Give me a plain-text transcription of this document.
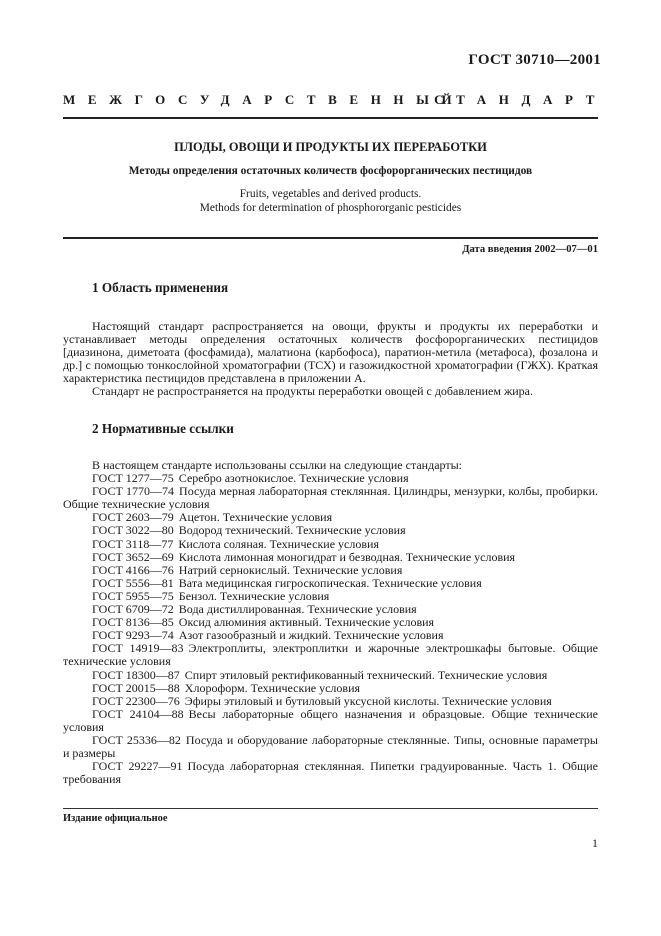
ГОСТ 30710—2001
МЕЖГОСУДАРСТВЕННЫЙ
СТАНДАРТ
ПЛОДЫ, ОВОЩИ И ПРОДУКТЫ ИХ ПЕРЕРАБОТКИ
Методы определения остаточных количеств фосфорорганических пестицидов
Fruits, vegetables and derived products.
Methods for determination of phosphororganic pesticides
Дата введения 2002—07—01
1 Область применения

Настоящий стандарт распространяется на овощи, фрукты и продукты их переработки и устанавливает методы определения остаточных количеств фосфорорганических пестицидов [диазинона, диметоата (фосфамида), малатиона (карбофоса), паратион-метила (метафоса), фозалона и др.] с помощью тонкослойной хроматографии (ТСХ) и газожидкостной хроматографии (ГЖХ). Краткая характеристика пестицидов представлена в приложении А.

Стандарт не распространяется на продукты переработки овощей с добавлением жира.

2 Нормативные ссылки

В настоящем стандарте использованы ссылки на следующие стандарты:

ГОСТ 1277—75 Серебро азотнокислое. Технические условия

ГОСТ 1770—74 Посуда мерная лабораторная стеклянная. Цилиндры, мензурки, колбы, пробирки. Общие технические условия

ГОСТ 2603—79 Ацетон. Технические условия

ГОСТ 3022—80 Водород технический. Технические условия

ГОСТ 3118—77 Кислота соляная. Технические условия

ГОСТ 3652—69 Кислота лимонная моногидрат и безводная. Технические условия

ГОСТ 4166—76 Натрий сернокислый. Технические условия

ГОСТ 5556—81 Вата медицинская гигроскопическая. Технические условия

ГОСТ 5955—75 Бензол. Технические условия

ГОСТ 6709—72 Вода дистиллированная. Технические условия

ГОСТ 8136—85 Оксид алюминия активный. Технические условия

ГОСТ 9293—74 Азот газообразный и жидкий. Технические условия

ГОСТ 14919—83 Электроплиты, электроплитки и жарочные электрошкафы бытовые. Общие технические условия

ГОСТ 18300—87 Спирт этиловый ректификованный технический. Технические условия

ГОСТ 20015—88 Хлороформ. Технические условия

ГОСТ 22300—76 Эфиры этиловый и бутиловый уксусной кислоты. Технические условия

ГОСТ 24104—88 Весы лабораторные общего назначения и образцовые. Общие технические условия

ГОСТ 25336—82 Посуда и оборудование лабораторные стеклянные. Типы, основные параметры и размеры

ГОСТ 29227—91 Посуда лабораторная стеклянная. Пипетки градуированные. Часть 1. Общие требования

Издание официальное
1
